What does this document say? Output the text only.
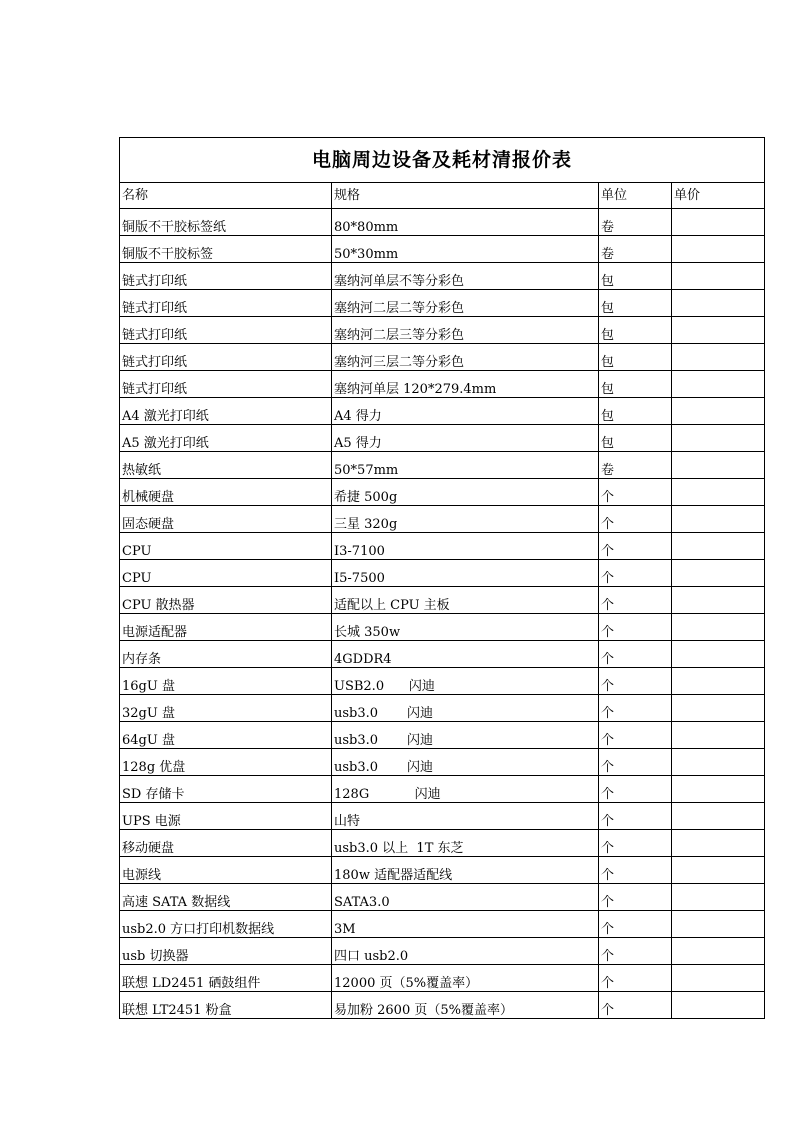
电脑周边设备及耗材清报价表			
名称	规格	单位	单价
铜版不干胶标签纸	80*80mm	卷	
铜版不干胶标签	50*30mm	卷	
链式打印纸	塞纳河单层不等分彩色	包	
链式打印纸	塞纳河二层二等分彩色	包	
链式打印纸	塞纳河二层三等分彩色	包	
链式打印纸	塞纳河三层二等分彩色	包	
链式打印纸	塞纳河单层 120*279.4mm	包	
A4 激光打印纸	A4 得力	包	
A5 激光打印纸	A5 得力	包	
热敏纸	50*57mm	卷	
机械硬盘	希捷 500g	个	
固态硬盘	三星 320g	个	
CPU	I3-7100	个	
CPU	I5-7500	个	
CPU 散热器	适配以上 CPU 主板	个	
电源适配器	长城 350w	个	
内存条	4GDDR4	个	
16gU 盘	USB2.0      闪迪	个	
32gU 盘	usb3.0       闪迪	个	
64gU 盘	usb3.0       闪迪	个	
128g 优盘	usb3.0       闪迪	个	
SD 存储卡	128G           闪迪	个	
UPS 电源	山特	个	
移动硬盘	usb3.0 以上  1T 东芝	个	
电源线	180w 适配器适配线	个	
高速 SATA 数据线	SATA3.0	个	
usb2.0 方口打印机数据线	3M	个	
usb 切换器	四口 usb2.0	个	
联想 LD2451 硒鼓组件	12000 页（5%覆盖率）	个	
联想 LT2451 粉盒	易加粉 2600 页（5%覆盖率）	个	
